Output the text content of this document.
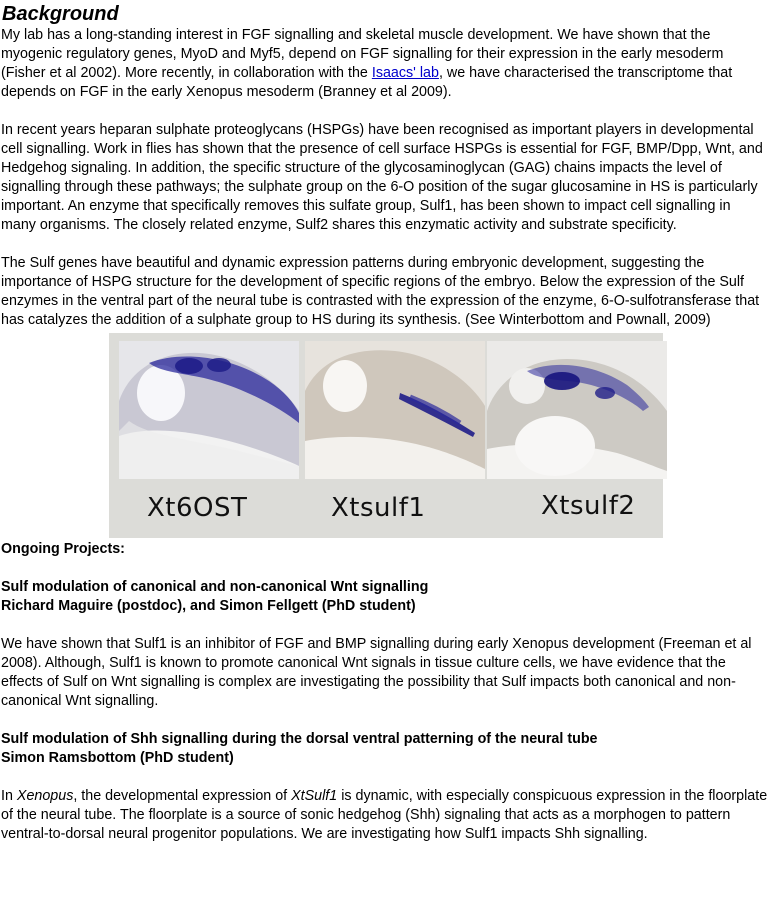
Background

My lab has a long-standing interest in FGF signalling and skeletal muscle development. We have shown that the myogenic regulatory genes, MyoD and Myf5, depend on FGF signalling for their expression in the early mesoderm (Fisher et al 2002). More recently, in collaboration with the Isaacs' lab, we have characterised the transcriptome that depends on FGF in the early Xenopus mesoderm (Branney et al 2009).

In recent years heparan sulphate proteoglycans (HSPGs) have been recognised as important players in developmental cell signalling. Work in flies has shown that the presence of cell surface HSPGs is essential for FGF, BMP/Dpp, Wnt, and Hedgehog signaling. In addition, the specific structure of the glycosaminoglycan (GAG) chains impacts the level of signalling through these pathways; the sulphate group on the 6-O position of the sugar glucosamine in HS is particularly important. An enzyme that specifically removes this sulfate group, Sulf1, has been shown to impact cell signalling in many organisms. The closely related enzyme, Sulf2 shares this enzymatic activity and substrate specificity.

The Sulf genes have beautiful and dynamic expression patterns during embryonic development, suggesting the importance of HSPG structure for the development of specific regions of the embryo. Below the expression of the Sulf enzymes in the ventral part of the neural tube is contrasted with the expression of the enzyme, 6-O-sulfotransferase that has catalyzes the addition of a sulphate group to HS during its synthesis. (See Winterbottom and Pownall, 2009)

Xt6OST	Xtsulf1	Xtsulf2

Ongoing Projects:

Sulf modulation of canonical and non-canonical Wnt signalling

Richard Maguire (postdoc), and Simon Fellgett (PhD student)

We have shown that Sulf1 is an inhibitor of FGF and BMP signalling during early Xenopus development (Freeman et al 2008). Although, Sulf1 is known to promote canonical Wnt signals in tissue culture cells, we have evidence that the effects of Sulf on Wnt signalling is complex are investigating the possibility that Sulf impacts both canonical and non-canonical Wnt signalling.

Sulf modulation of Shh signalling during the dorsal ventral patterning of the neural tube

Simon Ramsbottom (PhD student)

In Xenopus, the developmental expression of XtSulf1 is dynamic, with especially conspicuous expression in the floorplate of the neural tube. The floorplate is a source of sonic hedgehog (Shh) signaling that acts as a morphogen to pattern ventral-to-dorsal neural progenitor populations. We are investigating how Sulf1 impacts Shh signalling.
